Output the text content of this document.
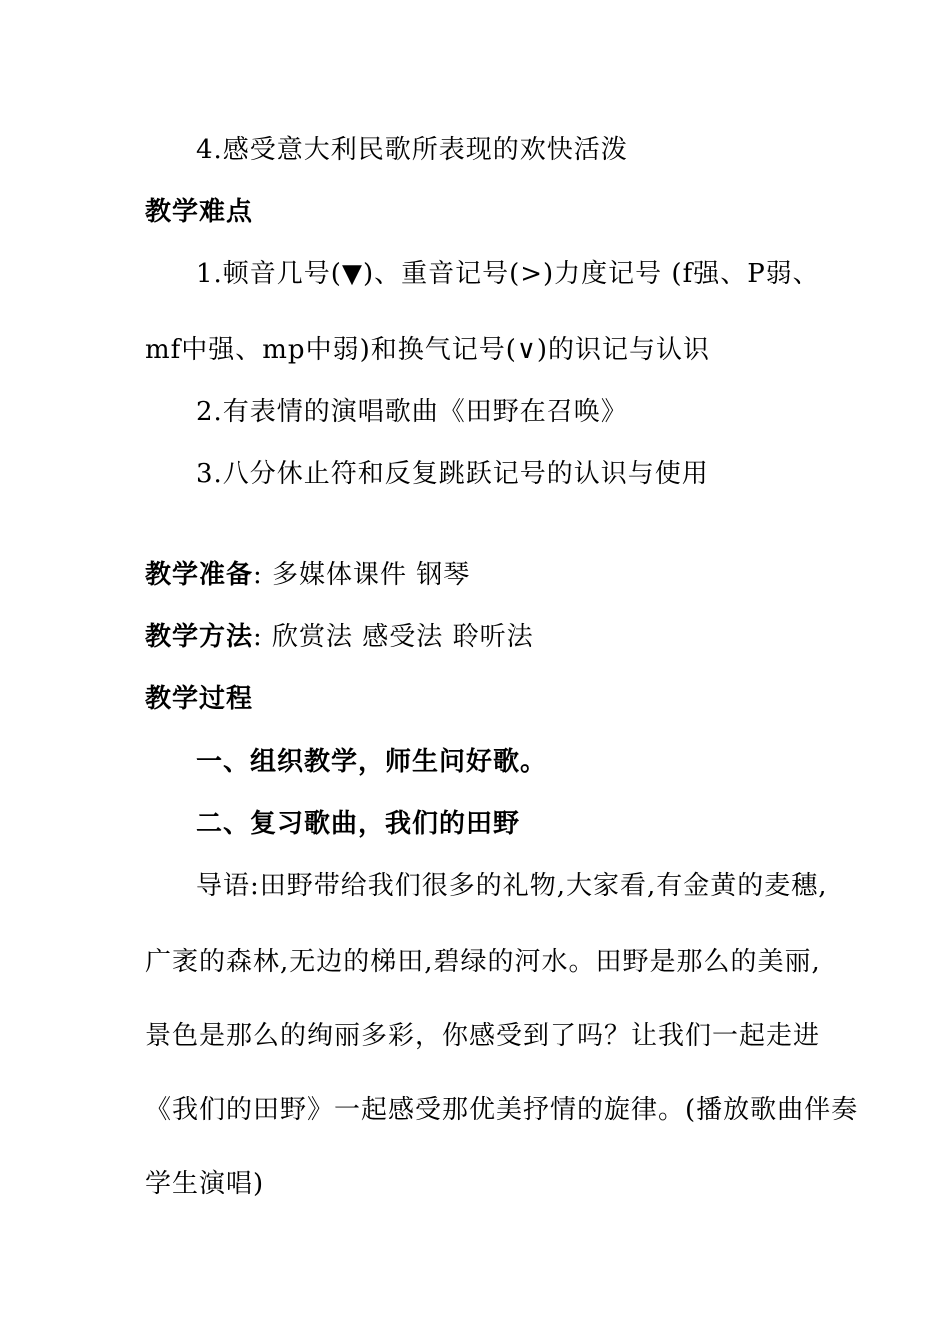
4.感受意大利民歌所表现的欢快活泼
教学难点
1.顿音几号(▼)、重音记号(>)力度记号 (f强、P弱、
mf中强、mp中弱)和换气记号(∨)的识记与认识
2.有表情的演唱歌曲《田野在召唤》
3.八分休止符和反复跳跃记号的认识与使用
教学准备: 多媒体课件 钢琴
教学方法: 欣赏法 感受法 聆听法
教学过程
一、组织教学，师生问好歌。
二、复习歌曲，我们的田野
导语:田野带给我们很多的礼物,大家看,有金黄的麦穗,
广袤的森林,无边的梯田,碧绿的河水。田野是那么的美丽,
景色是那么的绚丽多彩，你感受到了吗？让我们一起走进
《我们的田野》一起感受那优美抒情的旋律。(播放歌曲伴奏
学生演唱)
